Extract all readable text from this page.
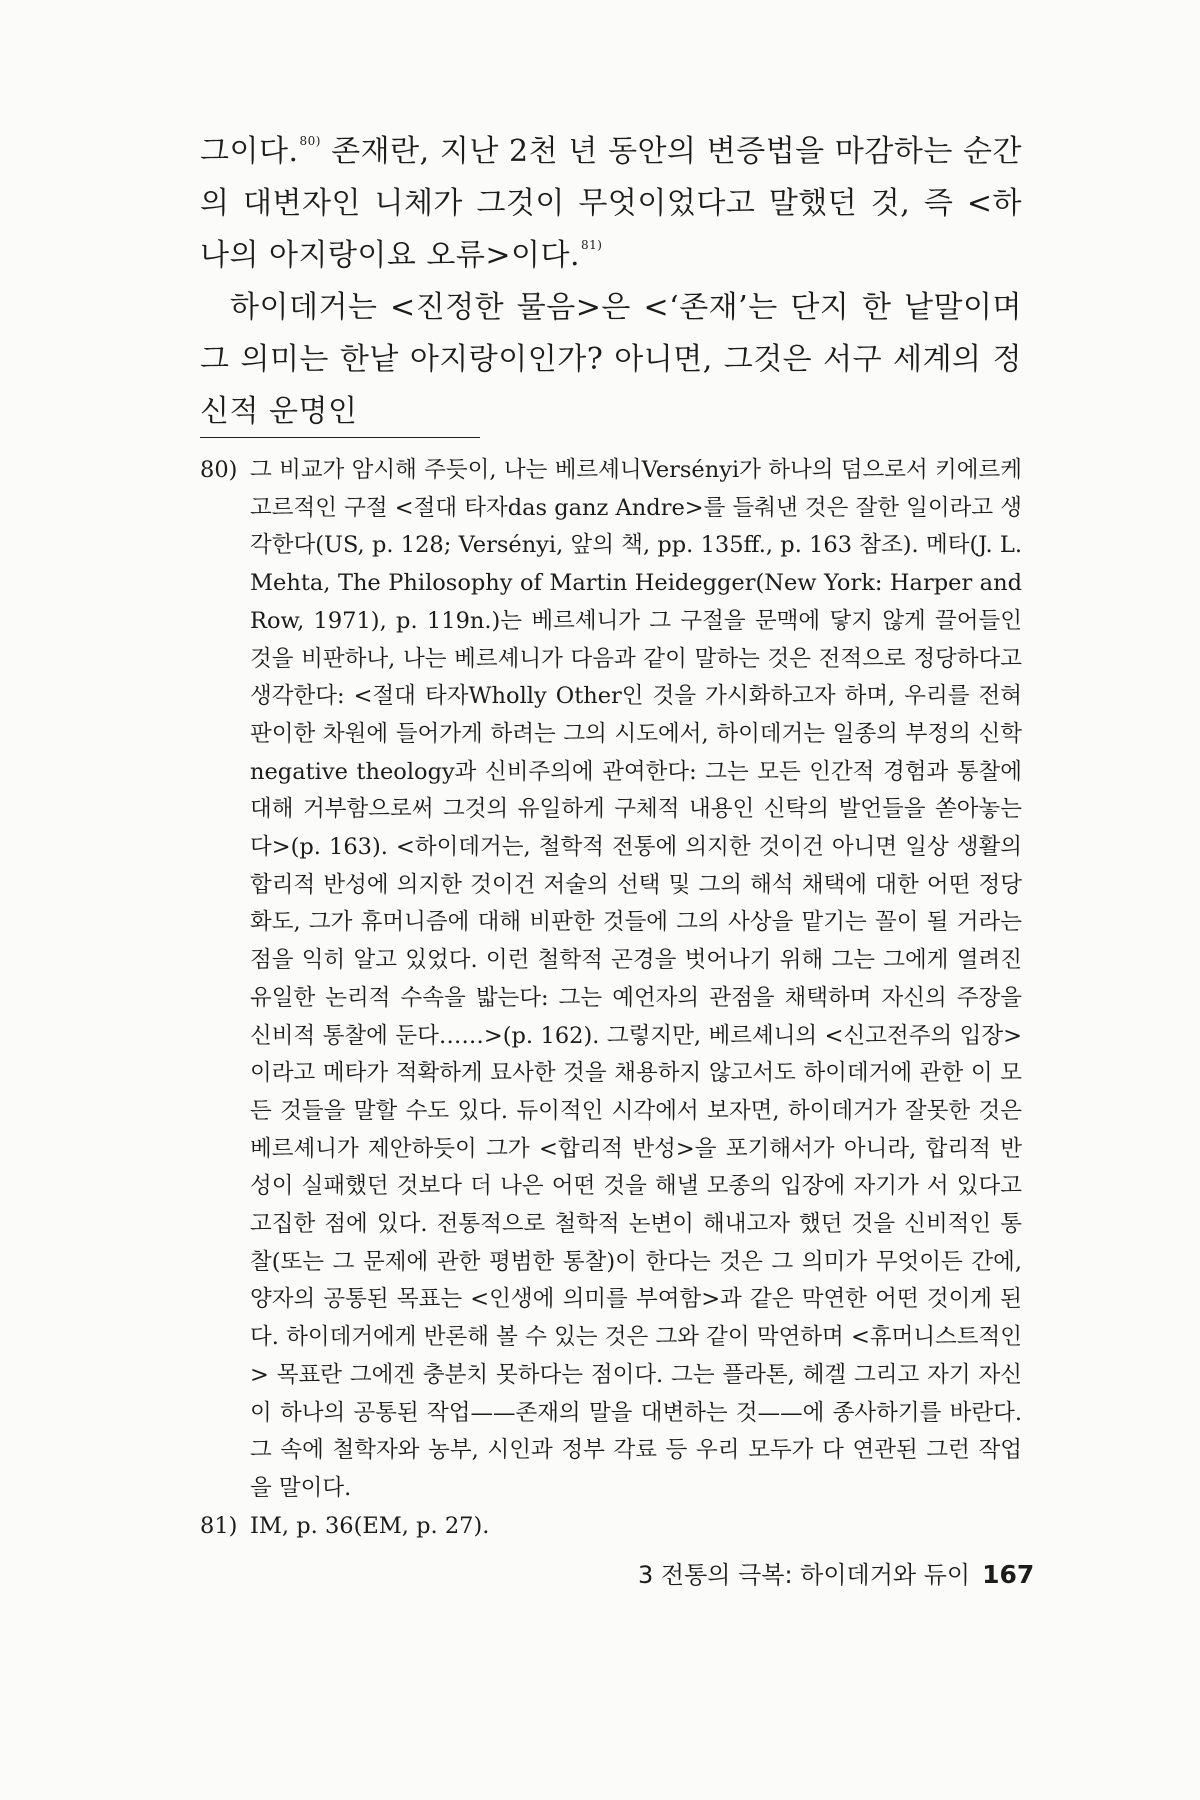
그이다.$^{80)}$ 존재란, 지난 2천 년 동안의 변증법을 마감하는 순간의 대변자인 니체가 그것이 무엇이었다고 말했던 것, 즉 <하나의 아지랑이요 오류>이다.$^{81)}$

하이데거는 <진정한 물음>은 <‘존재’는 단지 한 낱말이며 그 의미는 한낱 아지랑이인가? 아니면, 그것은 서구 세계의 정신적 운명인

80) 그 비교가 암시해 주듯이, 나는 베르셰니Versényi가 하나의 덤으로서 키에르케고르적인 구절 <절대 타자das ganz Andre>를 들춰낸 것은 잘한 일이라고 생각한다(US, p. 128; Versényi, 앞의 책, pp. 135ff., p. 163 참조). 메타(J. L. Mehta, The Philosophy of Martin Heidegger(New York: Harper and Row, 1971), p. 119n.)는 베르셰니가 그 구절을 문맥에 닿지 않게 끌어들인 것을 비판하나, 나는 베르셰니가 다음과 같이 말하는 것은 전적으로 정당하다고 생각한다: <절대 타자Wholly Other인 것을 가시화하고자 하며, 우리를 전혀 판이한 차원에 들어가게 하려는 그의 시도에서, 하이데거는 일종의 부정의 신학 negative theology과 신비주의에 관여한다: 그는 모든 인간적 경험과 통찰에 대해 거부함으로써 그것의 유일하게 구체적 내용인 신탁의 발언들을 쏟아놓는다>(p. 163). <하이데거는, 철학적 전통에 의지한 것이건 아니면 일상 생활의 합리적 반성에 의지한 것이건 저술의 선택 및 그의 해석 채택에 대한 어떤 정당화도, 그가 휴머니즘에 대해 비판한 것들에 그의 사상을 맡기는 꼴이 될 거라는 점을 익히 알고 있었다. 이런 철학적 곤경을 벗어나기 위해 그는 그에게 열려진 유일한 논리적 수속을 밟는다: 그는 예언자의 관점을 채택하며 자신의 주장을 신비적 통찰에 둔다……>(p. 162). 그렇지만, 베르셰니의 <신고전주의 입장>이라고 메타가 적확하게 묘사한 것을 채용하지 않고서도 하이데거에 관한 이 모든 것들을 말할 수도 있다. 듀이적인 시각에서 보자면, 하이데거가 잘못한 것은 베르셰니가 제안하듯이 그가 <합리적 반성>을 포기해서가 아니라, 합리적 반성이 실패했던 것보다 더 나은 어떤 것을 해낼 모종의 입장에 자기가 서 있다고 고집한 점에 있다. 전통적으로 철학적 논변이 해내고자 했던 것을 신비적인 통찰(또는 그 문제에 관한 평범한 통찰)이 한다는 것은 그 의미가 무엇이든 간에, 양자의 공통된 목표는 <인생에 의미를 부여함>과 같은 막연한 어떤 것이게 된다. 하이데거에게 반론해 볼 수 있는 것은 그와 같이 막연하며 <휴머니스트적인> 목표란 그에겐 충분치 못하다는 점이다. 그는 플라톤, 헤겔 그리고 자기 자신이 하나의 공통된 작업——존재의 말을 대변하는 것——에 종사하기를 바란다. 그 속에 철학자와 농부, 시인과 정부 각료 등 우리 모두가 다 연관된 그런 작업을 말이다.

81) IM, p. 36(EM, p. 27).

3 전통의 극복: 하이데거와 듀이 167
